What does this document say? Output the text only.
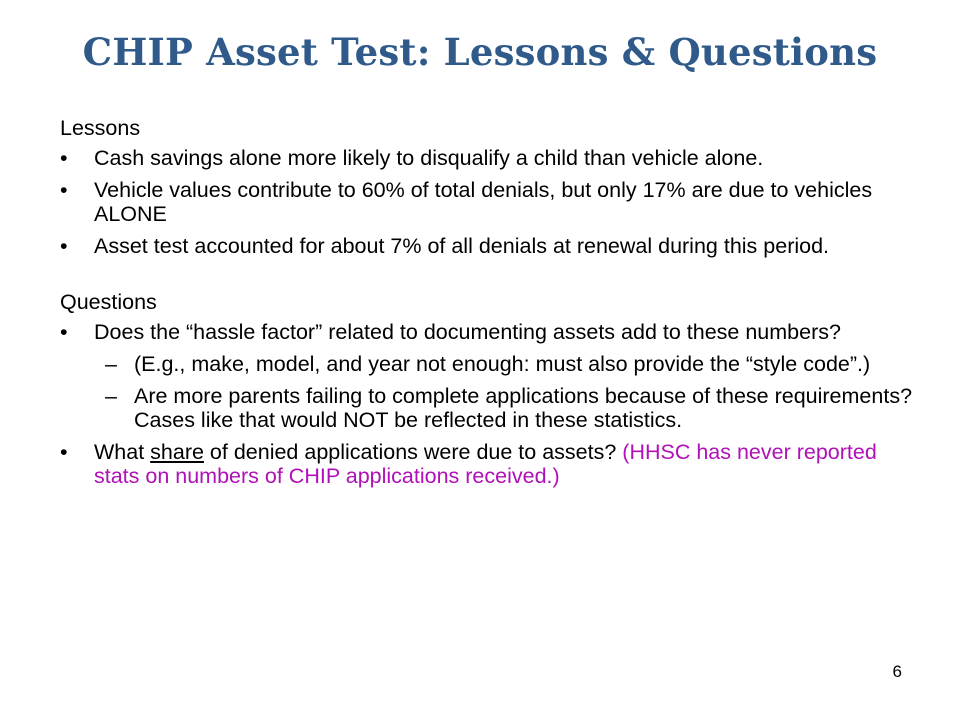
CHIP Asset Test: Lessons & Questions

Lessons

• Cash savings alone more likely to disqualify a child than vehicle alone.
• Vehicle values contribute to 60% of total denials, but only 17% are due to vehicles ALONE
• Asset test accounted for about 7% of all denials at renewal during this period.

Questions

• Does the “hassle factor” related to documenting assets add to these numbers?
– (E.g., make, model, and year not enough: must also provide the “style code”.)
– Are more parents failing to complete applications because of these requirements? Cases like that would NOT be reflected in these statistics.
• What share of denied applications were due to assets? (HHSC has never reported stats on numbers of CHIP applications received.)
6
